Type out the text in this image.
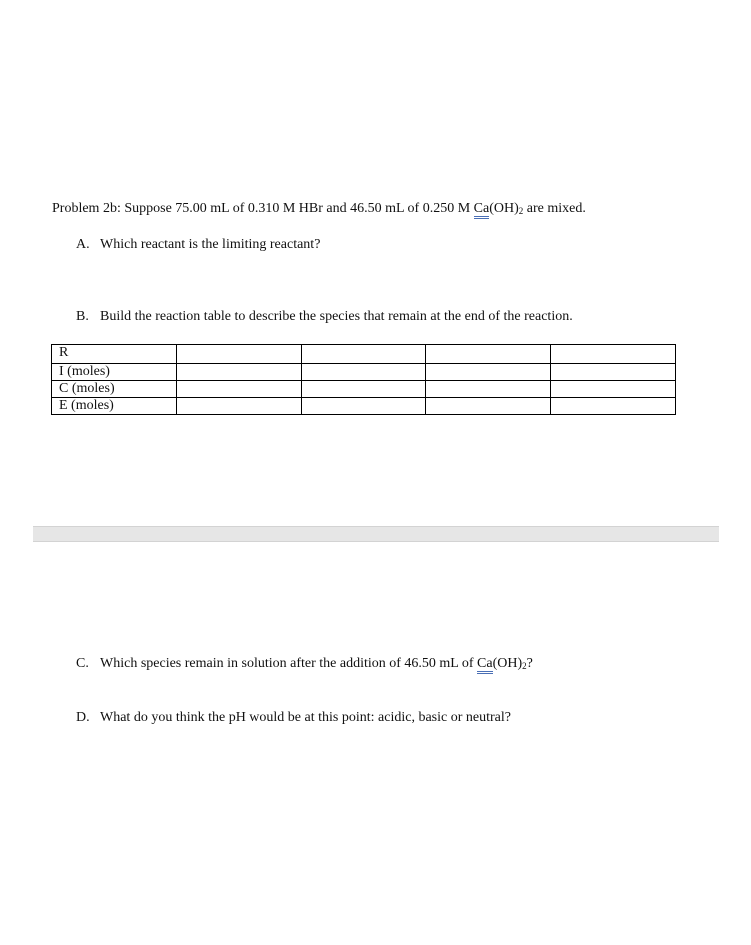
Problem 2b: Suppose 75.00 mL of 0.310 M HBr and 46.50 mL of 0.250 M $Ca(OH)_2$ are mixed.
A. Which reactant is the limiting reactant?
B. Build the reaction table to describe the species that remain at the end of the reaction.
R				
I (moles)				
C (moles)				
E (moles)				
C. Which species remain in solution after the addition of 46.50 mL of $Ca(OH)_2$?
D. What do you think the pH would be at this point: acidic, basic or neutral?
